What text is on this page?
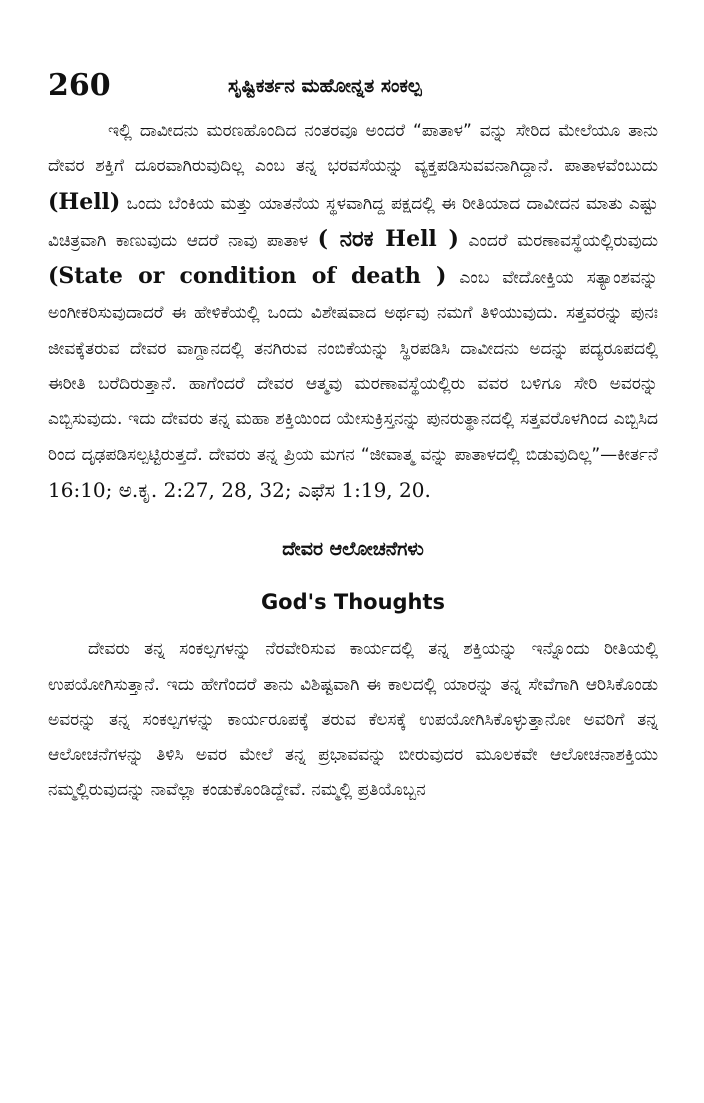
260	ಸೃಷ್ಟಿಕರ್ತನ ಮಹೋನ್ನತ ಸಂಕಲ್ಪ

ಇಲ್ಲಿ ದಾವೀದನು ಮರಣಹೊಂದಿದ ನಂತರವೂ ಅಂದರೆ “ಪಾತಾಳ” ವನ್ನು ಸೇರಿದ ಮೇಲೆಯೂ ತಾನು ದೇವರ ಶಕ್ತಿಗೆ ದೂರವಾಗಿರುವುದಿಲ್ಲ ಎಂಬ ತನ್ನ ಭರವಸೆಯನ್ನು ವ್ಯಕ್ತಪಡಿಸುವವನಾಗಿದ್ದಾನೆ. ಪಾತಾಳವೆಂಬುದು (Hell) ಒಂದು ಬೆಂಕಿಯ ಮತ್ತು ಯಾತನೆಯ ಸ್ಥಳವಾಗಿದ್ದ ಪಕ್ಷದಲ್ಲಿ ಈ ರೀತಿಯಾದ ದಾವೀದನ ಮಾತು ಎಷ್ಟು ವಿಚಿತ್ರವಾಗಿ ಕಾಣುವುದು ಆದರೆ ನಾವು ಪಾತಾಳ ( ನರಕ Hell ) ಎಂದರೆ ಮರಣಾವಸ್ಥೆಯಲ್ಲಿರುವುದು (State or condition of death ) ಎಂಬ ವೇದೋಕ್ತಿಯ ಸತ್ಯಾಂಶವನ್ನು ಅಂಗೀಕರಿಸುವುದಾದರೆ ಈ ಹೇಳಿಕೆಯಲ್ಲಿ ಒಂದು ವಿಶೇಷವಾದ ಅರ್ಥವು ನಮಗೆ ತಿಳಿಯುವುದು. ಸತ್ತವರನ್ನು ಪುನಃ ಜೀವಕ್ಕೆತರುವ ದೇವರ ವಾಗ್ದಾನದಲ್ಲಿ ತನಗಿರುವ ನಂಬಿಕೆಯನ್ನು ಸ್ಥಿರಪಡಿಸಿ ದಾವೀದನು ಅದನ್ನು ಪದ್ಯರೂಪದಲ್ಲಿ ಈರೀತಿ ಬರೆದಿರುತ್ತಾನೆ. ಹಾಗೆಂದರೆ ದೇವರ ಆತ್ಮವು ಮರಣಾವಸ್ಥೆಯಲ್ಲಿರು ವವರ ಬಳಿಗೂ ಸೇರಿ ಅವರನ್ನು ಎಬ್ಬಿಸುವುದು. ಇದು ದೇವರು ತನ್ನ ಮಹಾ ಶಕ್ತಿಯಿಂದ ಯೇಸುಕ್ರಿಸ್ತನನ್ನು ಪುನರುತ್ಥಾನದಲ್ಲಿ ಸತ್ತವರೊಳಗಿಂದ ಎಬ್ಬಿಸಿದ ರಿಂದ ದೃಢಪಡಿಸಲ್ಪಟ್ಟಿರುತ್ತದೆ. ದೇವರು ತನ್ನ ಪ್ರಿಯ ಮಗನ “ಜೀವಾತ್ಮ ವನ್ನು ಪಾತಾಳದಲ್ಲಿ ಬಿಡುವುದಿಲ್ಲ”—ಕೀರ್ತನೆ 16:10; ಅ.ಕೃ. 2:27, 28, 32; ಎಫೆಸ 1:19, 20.

ದೇವರ ಆಲೋಚನೆಗಳು
God's Thoughts

ದೇವರು ತನ್ನ ಸಂಕಲ್ಪಗಳನ್ನು ನೆರವೇರಿಸುವ ಕಾರ್ಯದಲ್ಲಿ ತನ್ನ ಶಕ್ತಿಯನ್ನು ಇನ್ನೊಂದು ರೀತಿಯಲ್ಲಿ ಉಪಯೋಗಿಸುತ್ತಾನೆ. ಇದು ಹೇಗೆಂದರೆ ತಾನು ವಿಶಿಷ್ಟವಾಗಿ ಈ ಕಾಲದಲ್ಲಿ ಯಾರನ್ನು ತನ್ನ ಸೇವೆಗಾಗಿ ಆರಿಸಿಕೊಂಡು ಅವರನ್ನು ತನ್ನ ಸಂಕಲ್ಪಗಳನ್ನು ಕಾರ್ಯರೂಪಕ್ಕೆ ತರುವ ಕೆಲಸಕ್ಕೆ ಉಪಯೋಗಿಸಿಕೊಳ್ಳುತ್ತಾನೋ ಅವರಿಗೆ ತನ್ನ ಆಲೋಚನೆಗಳನ್ನು ತಿಳಿಸಿ ಅವರ ಮೇಲೆ ತನ್ನ ಪ್ರಭಾವವನ್ನು ಬೀರುವುದರ ಮೂಲಕವೇ ಆಲೋಚನಾಶಕ್ತಿಯು ನಮ್ಮಲ್ಲಿರುವುದನ್ನು ನಾವೆಲ್ಲಾ ಕಂಡುಕೊಂಡಿದ್ದೇವೆ. ನಮ್ಮಲ್ಲಿ ಪ್ರತಿಯೊಬ್ಬನ
